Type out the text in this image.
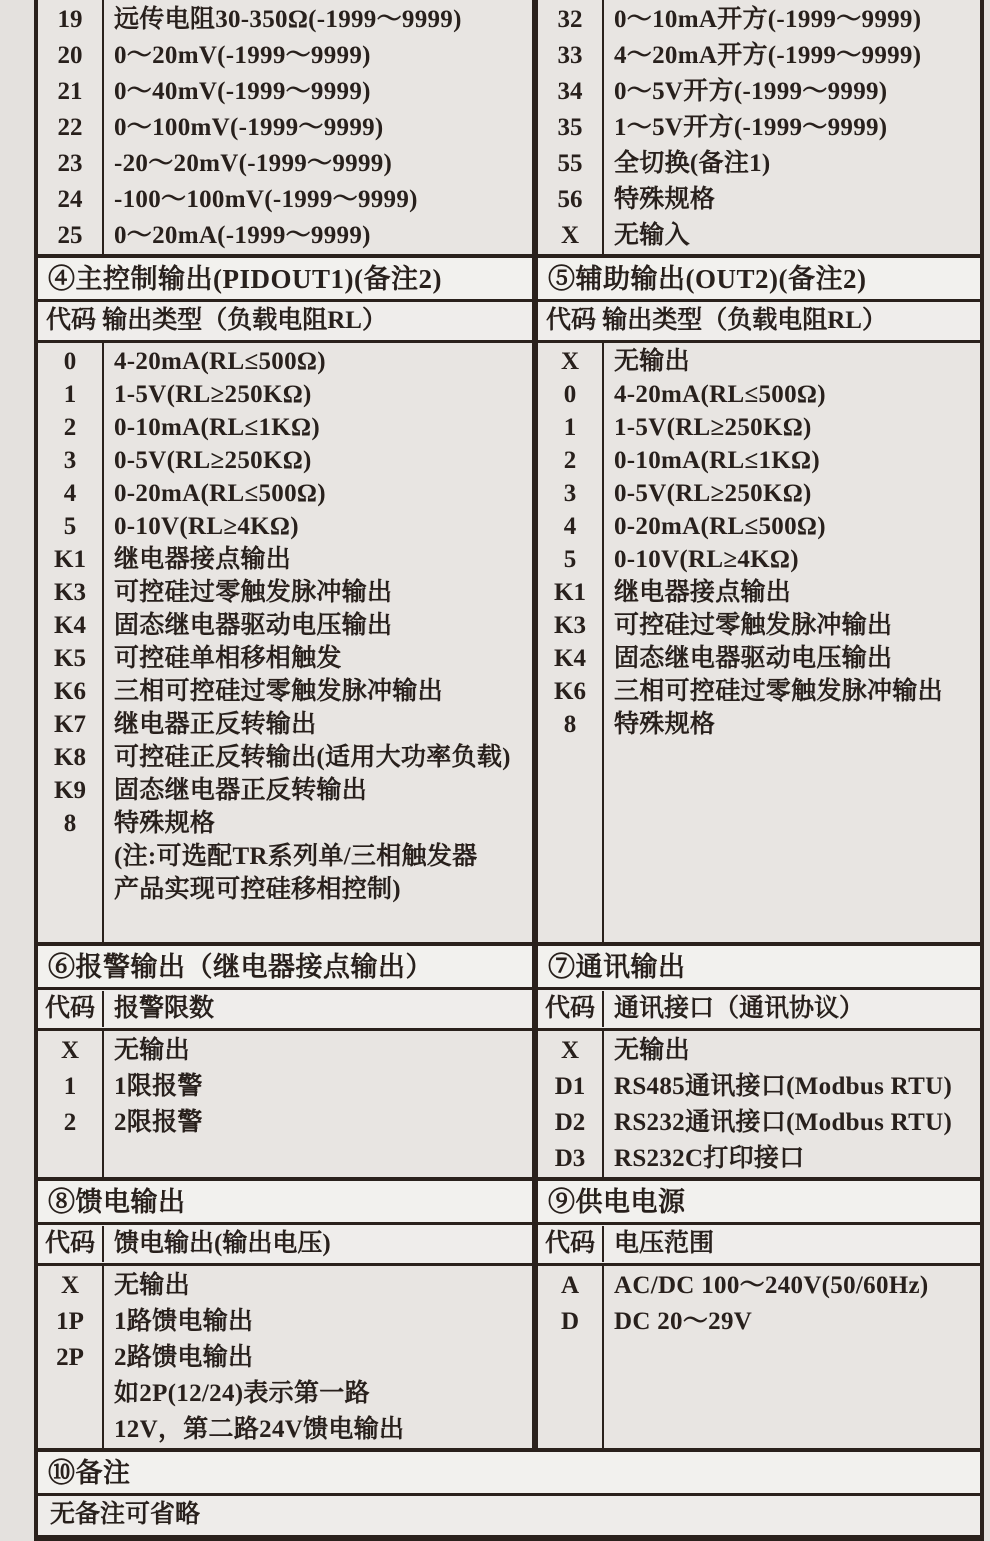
19	远传电阻30-350Ω(-1999～9999)
20	0～20mV(-1999～9999)
21	0～40mV(-1999～9999)
22	0～100mV(-1999～9999)
23	-20～20mV(-1999～9999)
24	-100～100mV(-1999～9999)
25	0～20mA(-1999～9999)
32	0～10mA开方(-1999～9999)
33	4～20mA开方(-1999～9999)
34	0～5V开方(-1999～9999)
35	1～5V开方(-1999～9999)
55	全切换(备注1)
56	特殊规格
X	无输入
④主控制输出(PIDOUT1)(备注2)
代码 输出类型（负载电阻RL）
0	4-20mA(RL≤500Ω)
1	1-5V(RL≥250KΩ)
2	0-10mA(RL≤1KΩ)
3	0-5V(RL≥250KΩ)
4	0-20mA(RL≤500Ω)
5	0-10V(RL≥4KΩ)
K1	继电器接点输出
K3	可控硅过零触发脉冲输出
K4	固态继电器驱动电压输出
K5	可控硅单相移相触发
K6	三相可控硅过零触发脉冲输出
K7	继电器正反转输出
K8	可控硅正反转输出(适用大功率负载)
K9	固态继电器正反转输出
8	特殊规格
(注:可选配TR系列单/三相触发器
产品实现可控硅移相控制)
⑤辅助输出(OUT2)(备注2)
代码 输出类型（负载电阻RL）
X	无输出
0	4-20mA(RL≤500Ω)
1	1-5V(RL≥250KΩ)
2	0-10mA(RL≤1KΩ)
3	0-5V(RL≥250KΩ)
4	0-20mA(RL≤500Ω)
5	0-10V(RL≥4KΩ)
K1	继电器接点输出
K3	可控硅过零触发脉冲输出
K4	固态继电器驱动电压输出
K6	三相可控硅过零触发脉冲输出
8	特殊规格
⑥报警输出（继电器接点输出）
代码 报警限数
X	无输出
1	1限报警
2	2限报警
⑦通讯输出
代码 通讯接口（通讯协议）
X	无输出
D1	RS485通讯接口(Modbus RTU)
D2	RS232通讯接口(Modbus RTU)
D3	RS232C打印接口
⑧馈电输出
代码 馈电输出(输出电压)
X	无输出
1P	1路馈电输出
2P	2路馈电输出
如2P(12/24)表示第一路
12V，第二路24V馈电输出
⑨供电电源
代码 电压范围
A	AC/DC 100～240V(50/60Hz)
D	DC 20～29V
⑩备注
无备注可省略
